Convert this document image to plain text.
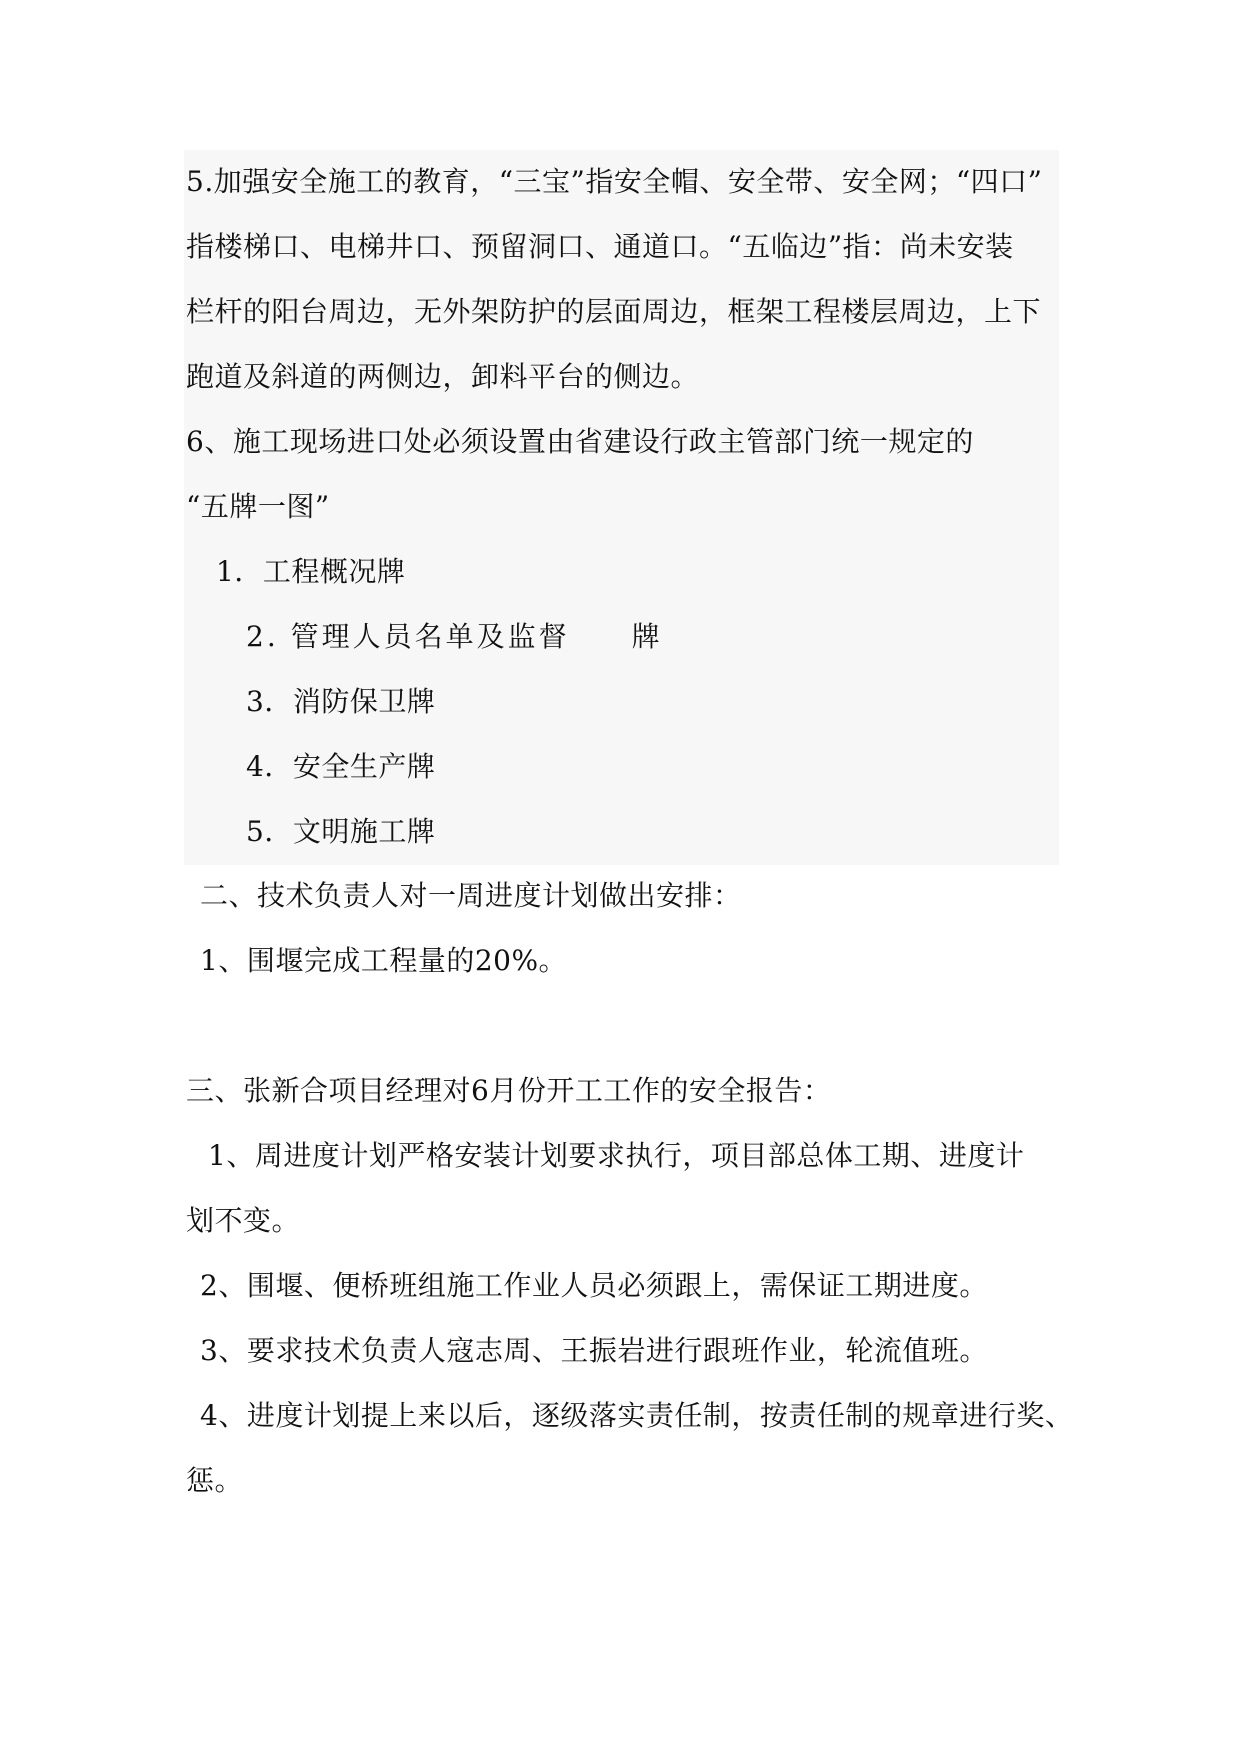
5.加强安全施工的教育，“三宝”指安全帽、安全带、安全网；“四口”
指楼梯口、电梯井口、预留洞口、通道口。“五临边”指：尚未安装
栏杆的阳台周边，无外架防护的层面周边，框架工程楼层周边，上下
跑道及斜道的两侧边，卸料平台的侧边。
6、施工现场进口处必须设置由省建设行政主管部门统一规定的
“五牌一图”
1．工程概况牌
2. 管理人员名单及监督　　牌
3．消防保卫牌
4．安全生产牌
5．文明施工牌
二、技术负责人对一周进度计划做出安排：
1、围堰完成工程量的20%。
三、张新合项目经理对6月份开工工作的安全报告：
1、周进度计划严格安装计划要求执行，项目部总体工期、进度计
划不变。
2、围堰、便桥班组施工作业人员必须跟上，需保证工期进度。
3、要求技术负责人寇志周、王振岩进行跟班作业，轮流值班。
4、进度计划提上来以后，逐级落实责任制，按责任制的规章进行奖、
惩。
